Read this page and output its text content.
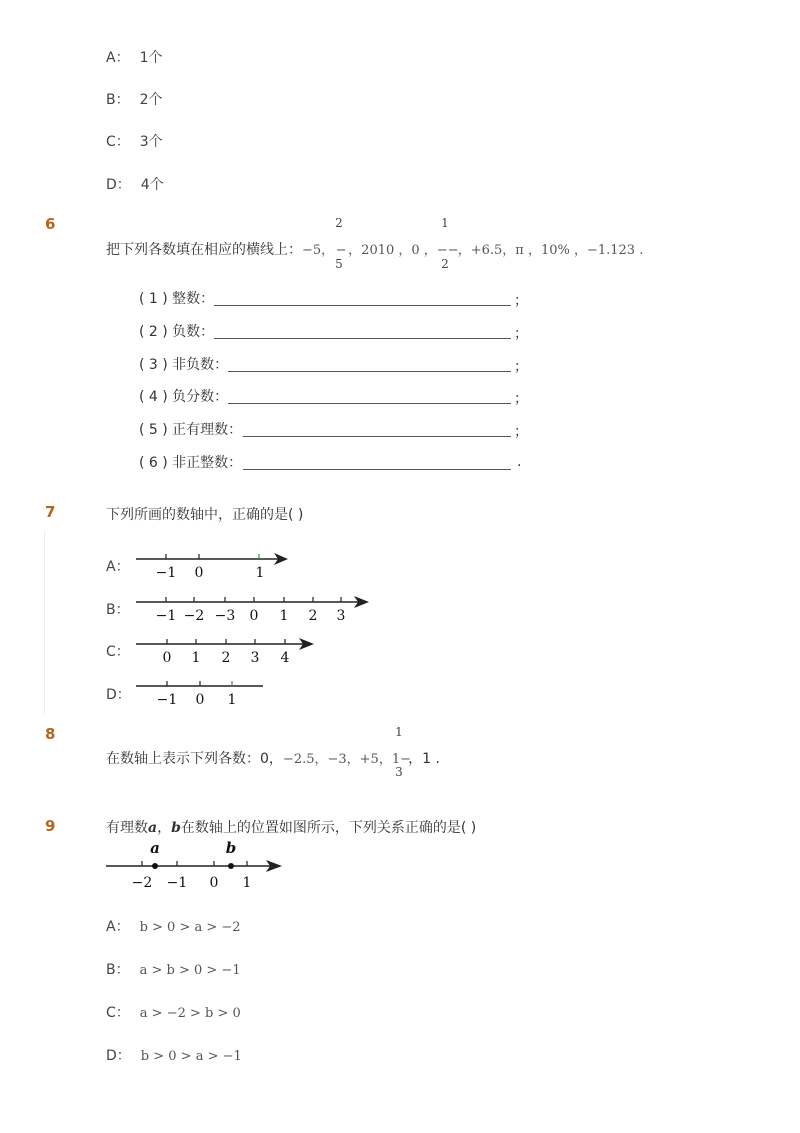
A： 1个
B： 2个
C： 3个
D： 4个
6
把下列各数填在相应的横线上：−5， − ，2010 ，0 ，−−，+6.5，π ，10% ，−1.123 .
2
5
1
2
( 1 ) 整数：	；
( 2 ) 负数：	；
( 3 ) 非负数：	；
( 4 ) 负分数：	；
( 5 ) 正有理数：	；
( 6 ) 非正整数：	.
7	下列所画的数轴中，正确的是( )
A： −1 0	1
B： −1 −2 −3 0 1 2 3
C： 0 1 2 3 4
D： −1 0 1
8
在数轴上表示下列各数：0，−2.5，−3，+5，1−，1 .
1
3
9	有理数a，b在数轴上的位置如图所示，下列关系正确的是( )
a	b
−2 −1 0 1
A： b > 0 > a > −2
B： a > b > 0 > −1
C： a > −2 > b > 0
D： b > 0 > a > −1
